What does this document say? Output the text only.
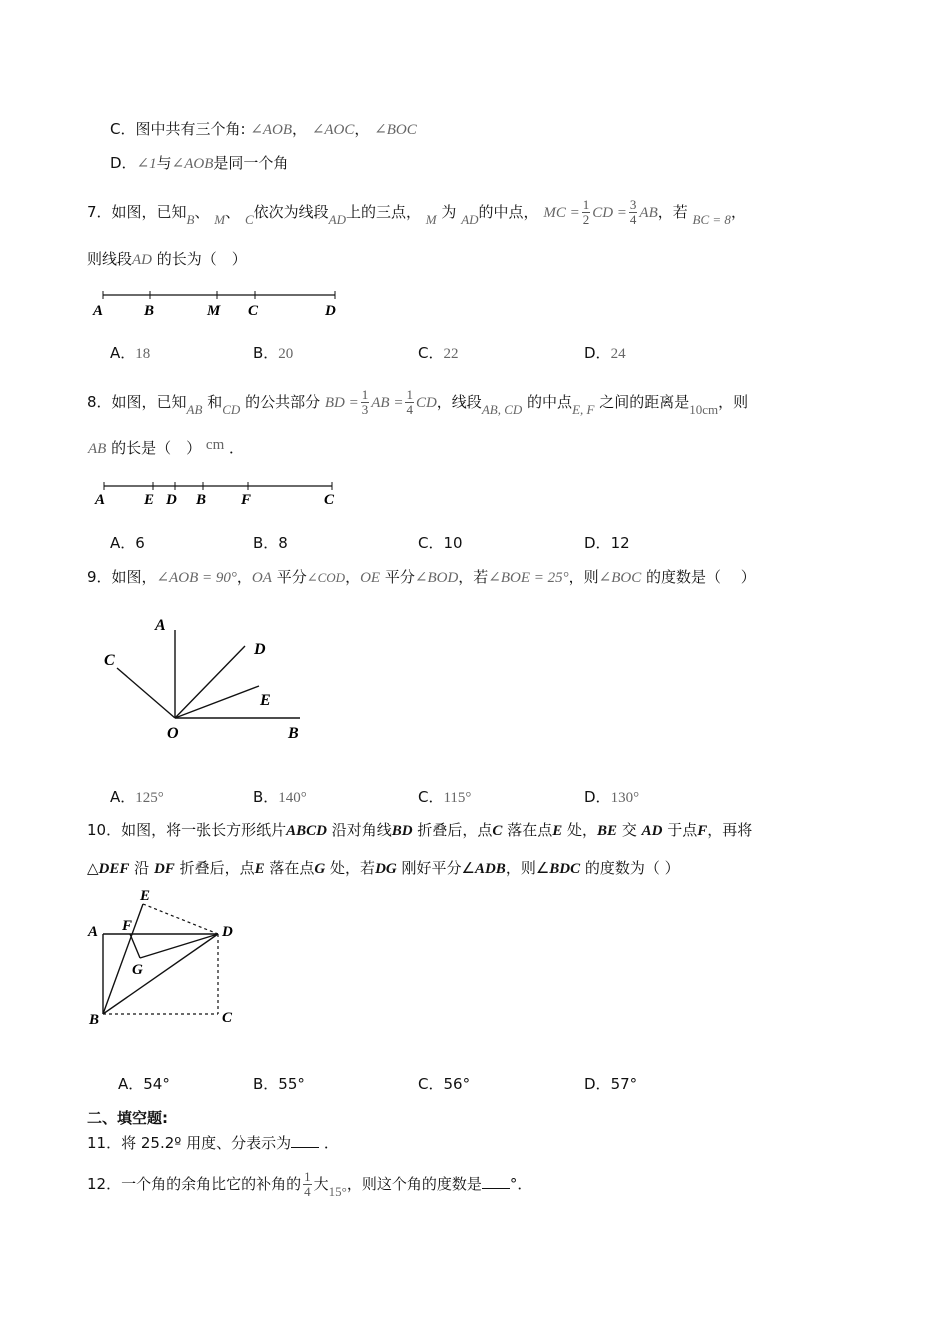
C．图中共有三个角: ∠AOB， ∠AOC， ∠BOC
D．∠1与∠AOB是同一个角
7．如图，已知B、 M、 C依次为线段AD上的三点， M 为 AD的中点， MC = $\frac{1}{2}$ CD = $\frac{3}{4}$ AB，若 BC = 8，
则线段AD 的长为（　）
A	B	M C	D
A．18	B．20	C．22	D．24
8．如图，已知AB 和CD 的公共部分 BD = $\frac{1}{3}$ AB = $\frac{1}{4}$ CD，线段AB, CD 的中点E, F 之间的距离是10cm，则
AB 的长是（　） cm ．
A	E D B F	C
A．6	B．8	C．10	D．12
9．如图，∠AOB = 90°，OA 平分∠COD，OE 平分∠BOD，若∠BOE = 25°，则∠BOC 的度数是（　 ）
A
C
D
E
O	B
A．125°	B．140°	C．115°	D．130°
10．如图，将一张长方形纸片ABCD 沿对角线BD 折叠后，点C 落在点E 处，BE 交 AD 于点F，再将
△DEF 沿 DF 折叠后，点E 落在点G 处，若DG 刚好平分∠ADB，则∠BDC 的度数为（ ）
E
A F	D
G
B	C
A．54°	B．55°	C．56°	D．57°
二、填空题:
11．将 25.2º 用度、分表示为 ．
12．一个角的余角比它的补角的 $\frac{1}{4}$ 大15°，则这个角的度数是 °．
